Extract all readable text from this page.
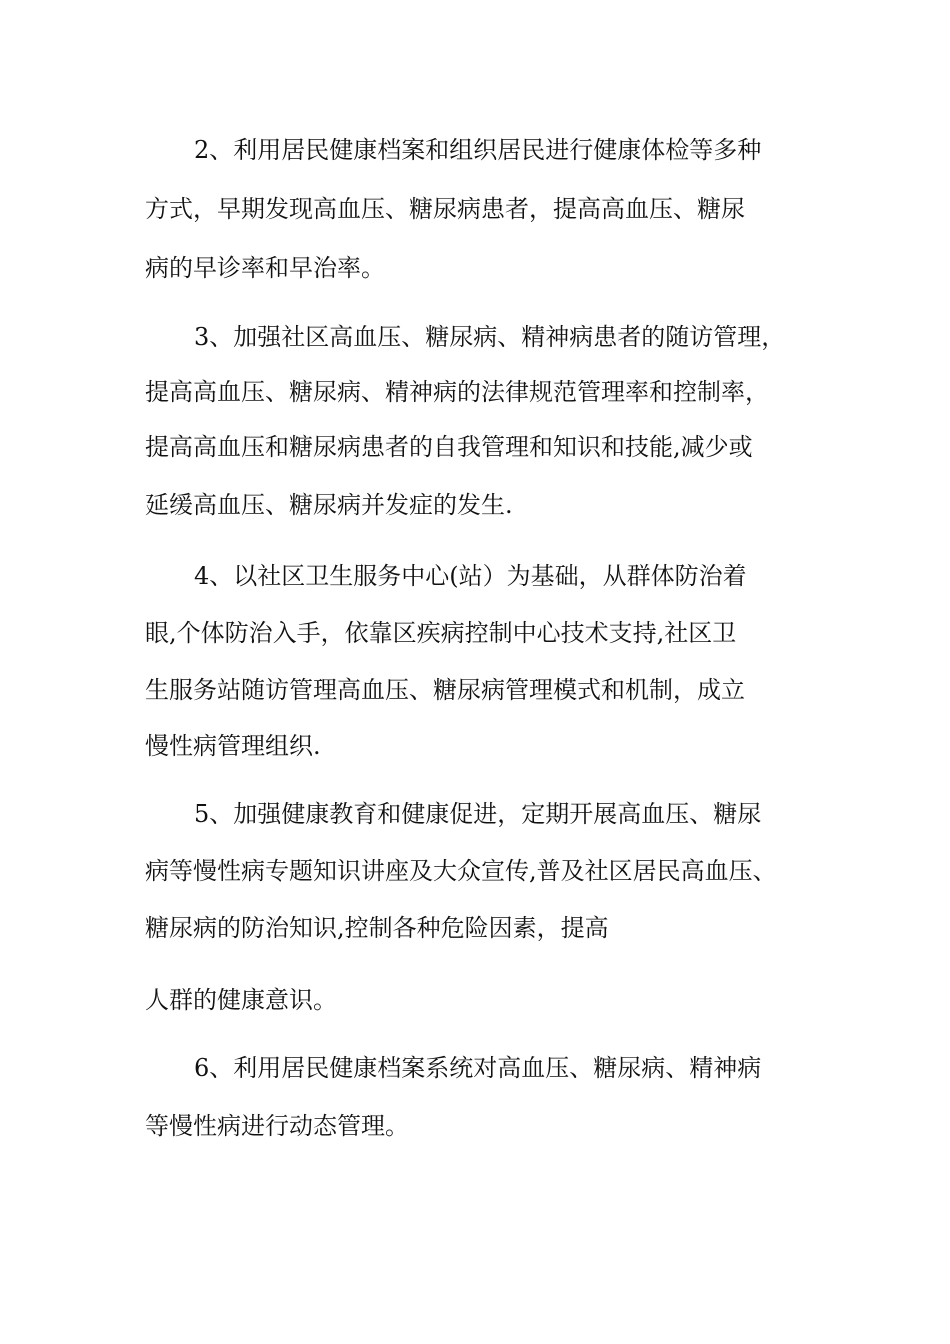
2、利用居民健康档案和组织居民进行健康体检等多种

方式，早期发现高血压、糖尿病患者，提高高血压、糖尿

病的早诊率和早治率。

3、加强社区高血压、糖尿病、精神病患者的随访管理，

提高高血压、糖尿病、精神病的法律规范管理率和控制率，

提高高血压和糖尿病患者的自我管理和知识和技能,减少或

延缓高血压、糖尿病并发症的发生.

4、以社区卫生服务中心(站）为基础，从群体防治着

眼,个体防治入手，依靠区疾病控制中心技术支持,社区卫

生服务站随访管理高血压、糖尿病管理模式和机制，成立

慢性病管理组织.

5、加强健康教育和健康促进，定期开展高血压、糖尿

病等慢性病专题知识讲座及大众宣传,普及社区居民高血压、

糖尿病的防治知识,控制各种危险因素，提高

人群的健康意识。

6、利用居民健康档案系统对高血压、糖尿病、精神病

等慢性病进行动态管理。
